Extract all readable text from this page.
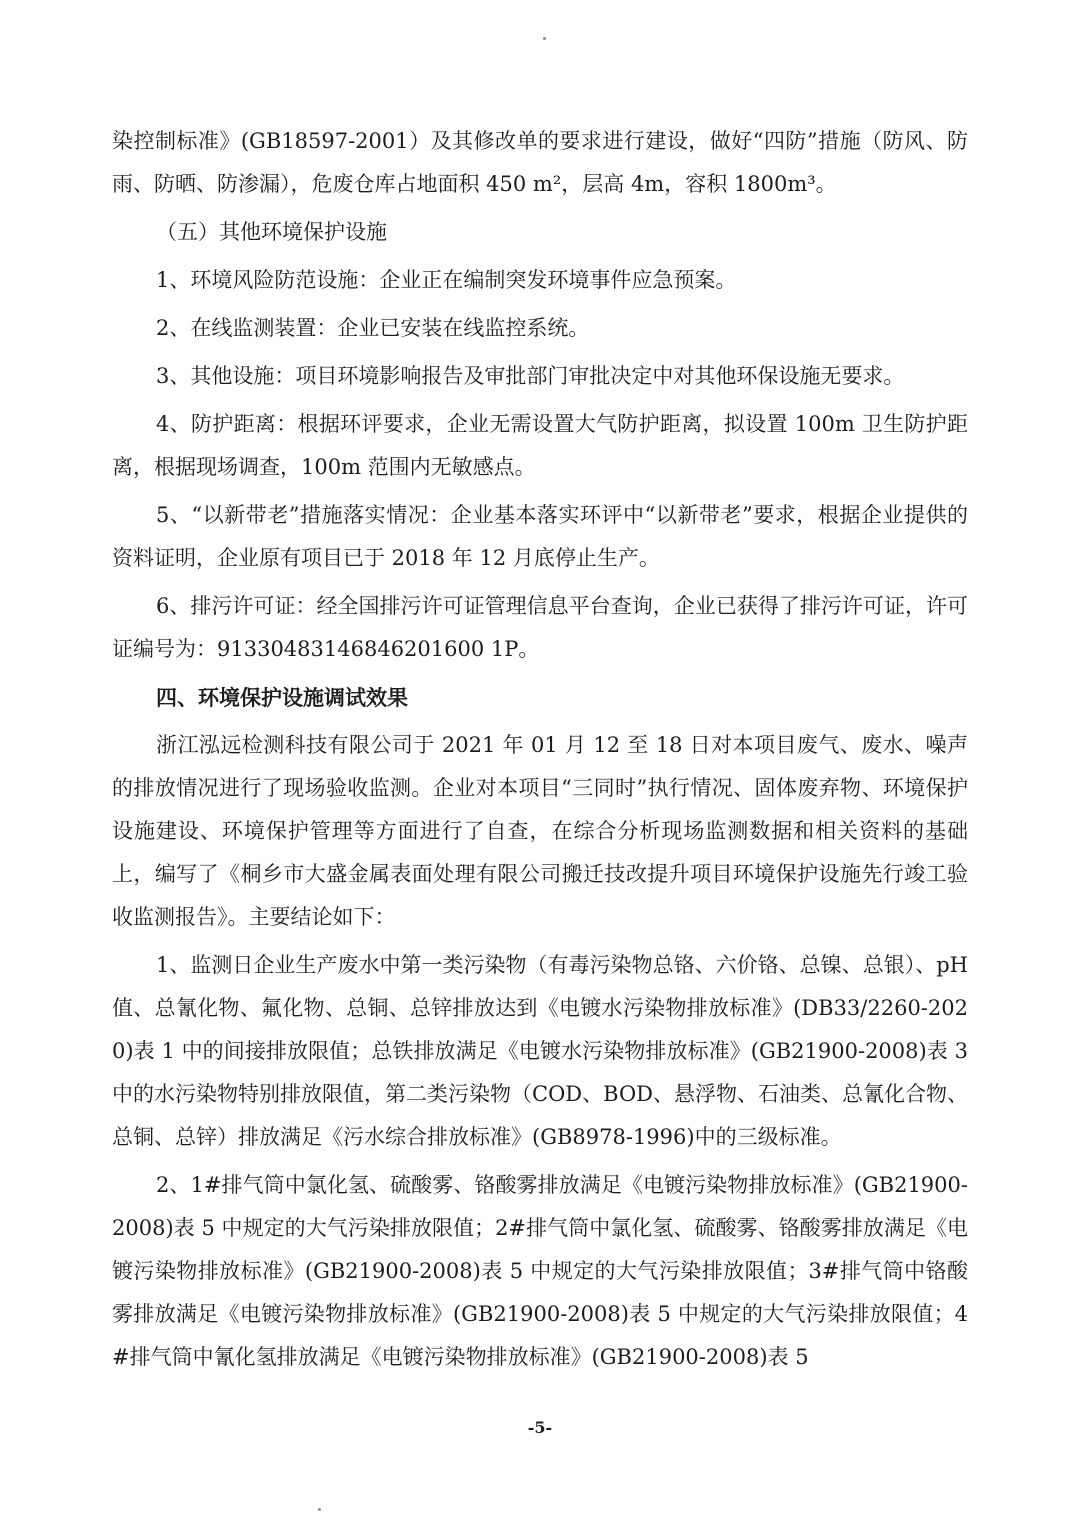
染控制标准》(GB18597-2001）及其修改单的要求进行建设，做好“四防”措施（防风、防雨、防晒、防渗漏），危废仓库占地面积 450 m²，层高 4m，容积 1800m³。

（五）其他环境保护设施

1、环境风险防范设施：企业正在编制突发环境事件应急预案。

2、在线监测装置：企业已安装在线监控系统。

3、其他设施：项目环境影响报告及审批部门审批决定中对其他环保设施无要求。

4、防护距离：根据环评要求，企业无需设置大气防护距离，拟设置 100m 卫生防护距离，根据现场调查，100m 范围内无敏感点。

5、“以新带老”措施落实情况：企业基本落实环评中“以新带老”要求，根据企业提供的资料证明，企业原有项目已于 2018 年 12 月底停止生产。

6、排污许可证：经全国排污许可证管理信息平台查询，企业已获得了排污许可证，许可证编号为：91330483146846201600 1P。

四、环境保护设施调试效果

浙江泓远检测科技有限公司于 2021 年 01 月 12 至 18 日对本项目废气、废水、噪声的排放情况进行了现场验收监测。企业对本项目“三同时”执行情况、固体废弃物、环境保护设施建设、环境保护管理等方面进行了自查，在综合分析现场监测数据和相关资料的基础上，编写了《桐乡市大盛金属表面处理有限公司搬迁技改提升项目环境保护设施先行竣工验收监测报告》。主要结论如下：

1、监测日企业生产废水中第一类污染物（有毒污染物总铬、六价铬、总镍、总银）、pH 值、总氰化物、氟化物、总铜、总锌排放达到《电镀水污染物排放标准》(DB33/2260-2020)表 1 中的间接排放限值；总铁排放满足《电镀水污染物排放标准》(GB21900-2008)表 3 中的水污染物特别排放限值，第二类污染物（COD、BOD、悬浮物、石油类、总氰化合物、总铜、总锌）排放满足《污水综合排放标准》(GB8978-1996)中的三级标准。

2、1#排气筒中氯化氢、硫酸雾、铬酸雾排放满足《电镀污染物排放标准》(GB21900-2008)表 5 中规定的大气污染排放限值；2#排气筒中氯化氢、硫酸雾、铬酸雾排放满足《电镀污染物排放标准》(GB21900-2008)表 5 中规定的大气污染排放限值；3#排气筒中铬酸雾排放满足《电镀污染物排放标准》(GB21900-2008)表 5 中规定的大气污染排放限值；4#排气筒中氰化氢排放满足《电镀污染物排放标准》(GB21900-2008)表 5

-5-
